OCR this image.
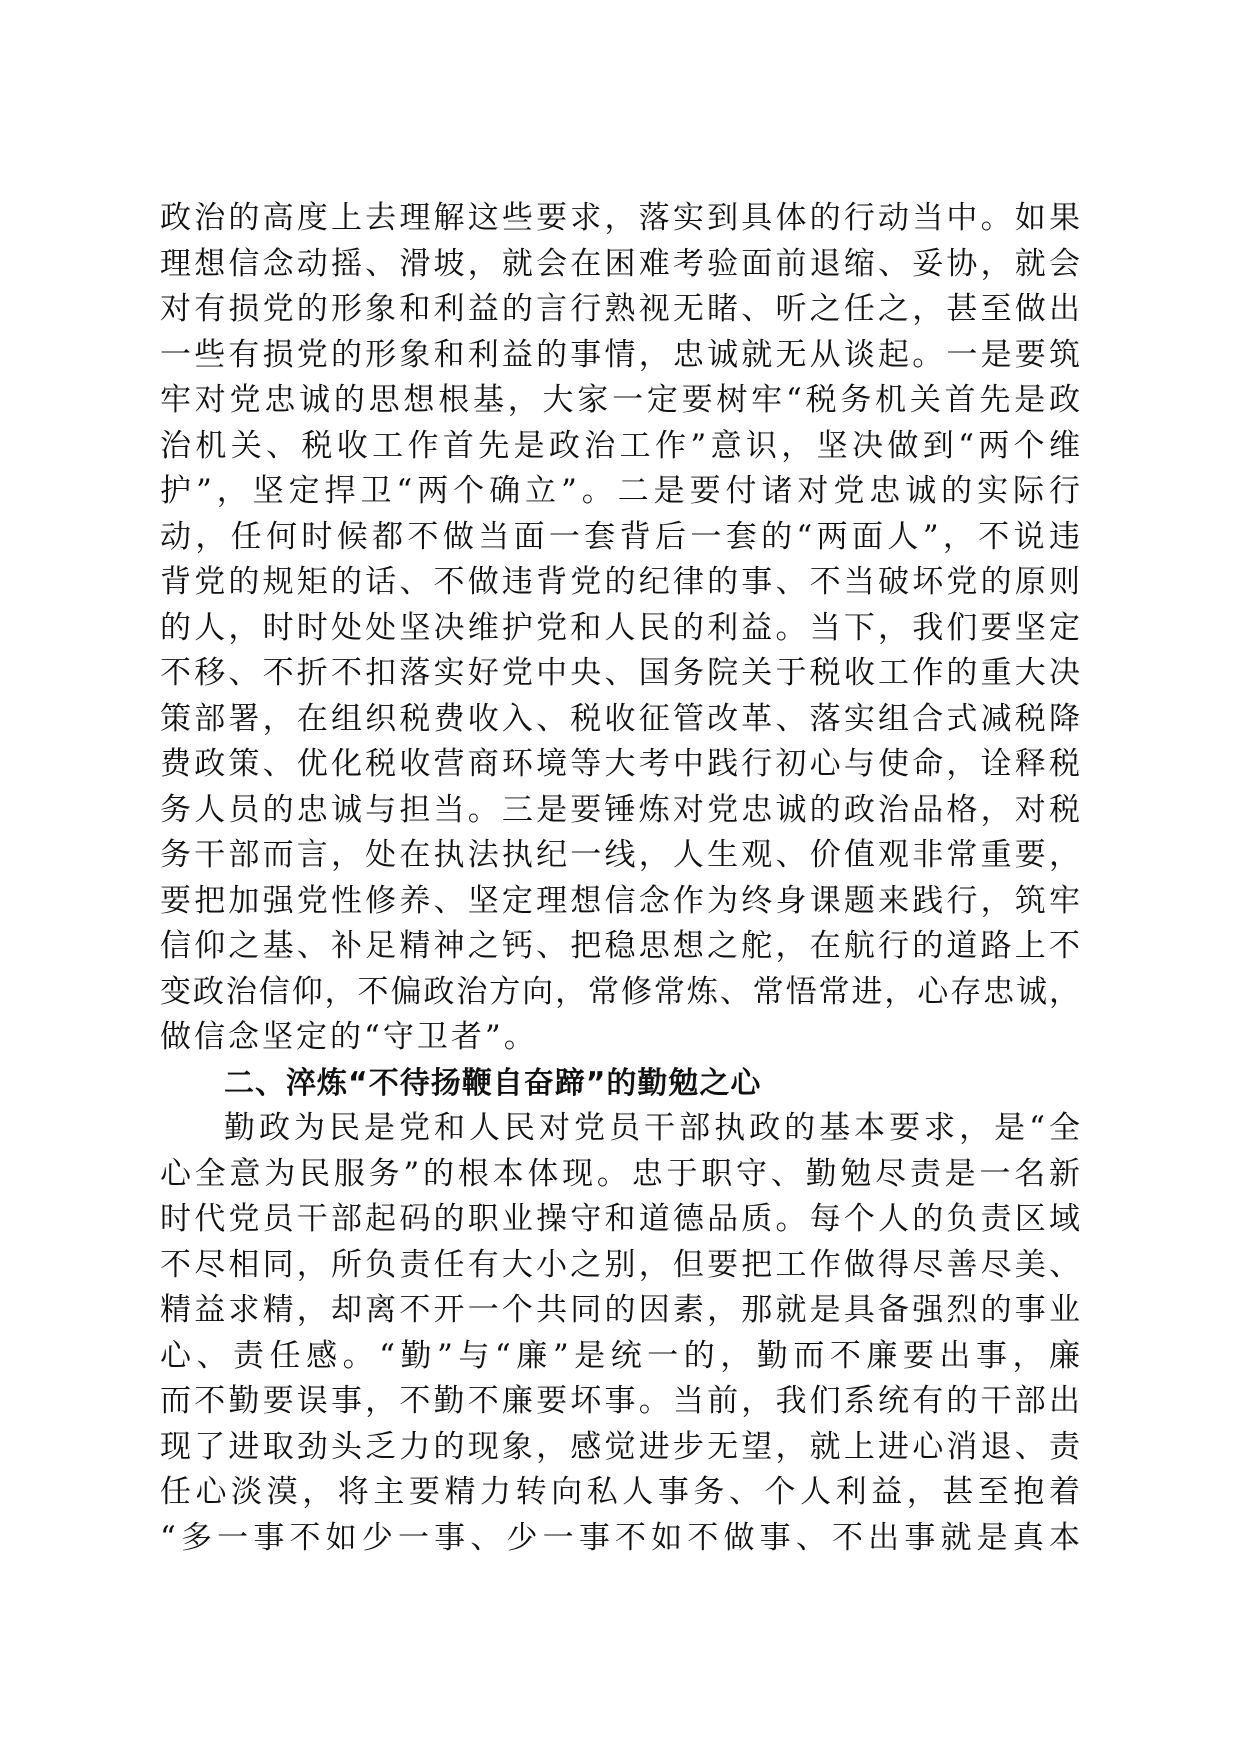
政治的高度上去理解这些要求，落实到具体的行动当中。如果
理想信念动摇、滑坡，就会在困难考验面前退缩、妥协，就会
对有损党的形象和利益的言行熟视无睹、听之任之，甚至做出
一些有损党的形象和利益的事情，忠诚就无从谈起。一是要筑
牢对党忠诚的思想根基，大家一定要树牢“税务机关首先是政
治机关、税收工作首先是政治工作”意识，坚决做到“两个维
护”，坚定捍卫“两个确立”。二是要付诸对党忠诚的实际行
动，任何时候都不做当面一套背后一套的“两面人”，不说违
背党的规矩的话、不做违背党的纪律的事、不当破坏党的原则
的人，时时处处坚决维护党和人民的利益。当下，我们要坚定
不移、不折不扣落实好党中央、国务院关于税收工作的重大决
策部署，在组织税费收入、税收征管改革、落实组合式减税降
费政策、优化税收营商环境等大考中践行初心与使命，诠释税
务人员的忠诚与担当。三是要锤炼对党忠诚的政治品格，对税
务干部而言，处在执法执纪一线，人生观、价值观非常重要，
要把加强党性修养、坚定理想信念作为终身课题来践行，筑牢
信仰之基、补足精神之钙、把稳思想之舵，在航行的道路上不
变政治信仰，不偏政治方向，常修常炼、常悟常进，心存忠诚，
做信念坚定的“守卫者”。
二、淬炼“不待扬鞭自奋蹄”的勤勉之心
勤政为民是党和人民对党员干部执政的基本要求，是“全
心全意为民服务”的根本体现。忠于职守、勤勉尽责是一名新
时代党员干部起码的职业操守和道德品质。每个人的负责区域
不尽相同，所负责任有大小之别，但要把工作做得尽善尽美、
精益求精，却离不开一个共同的因素，那就是具备强烈的事业
心、责任感。“勤”与“廉”是统一的，勤而不廉要出事，廉
而不勤要误事，不勤不廉要坏事。当前，我们系统有的干部出
现了进取劲头乏力的现象，感觉进步无望，就上进心消退、责
任心淡漠，将主要精力转向私人事务、个人利益，甚至抱着
“多一事不如少一事、少一事不如不做事、不出事就是真本
